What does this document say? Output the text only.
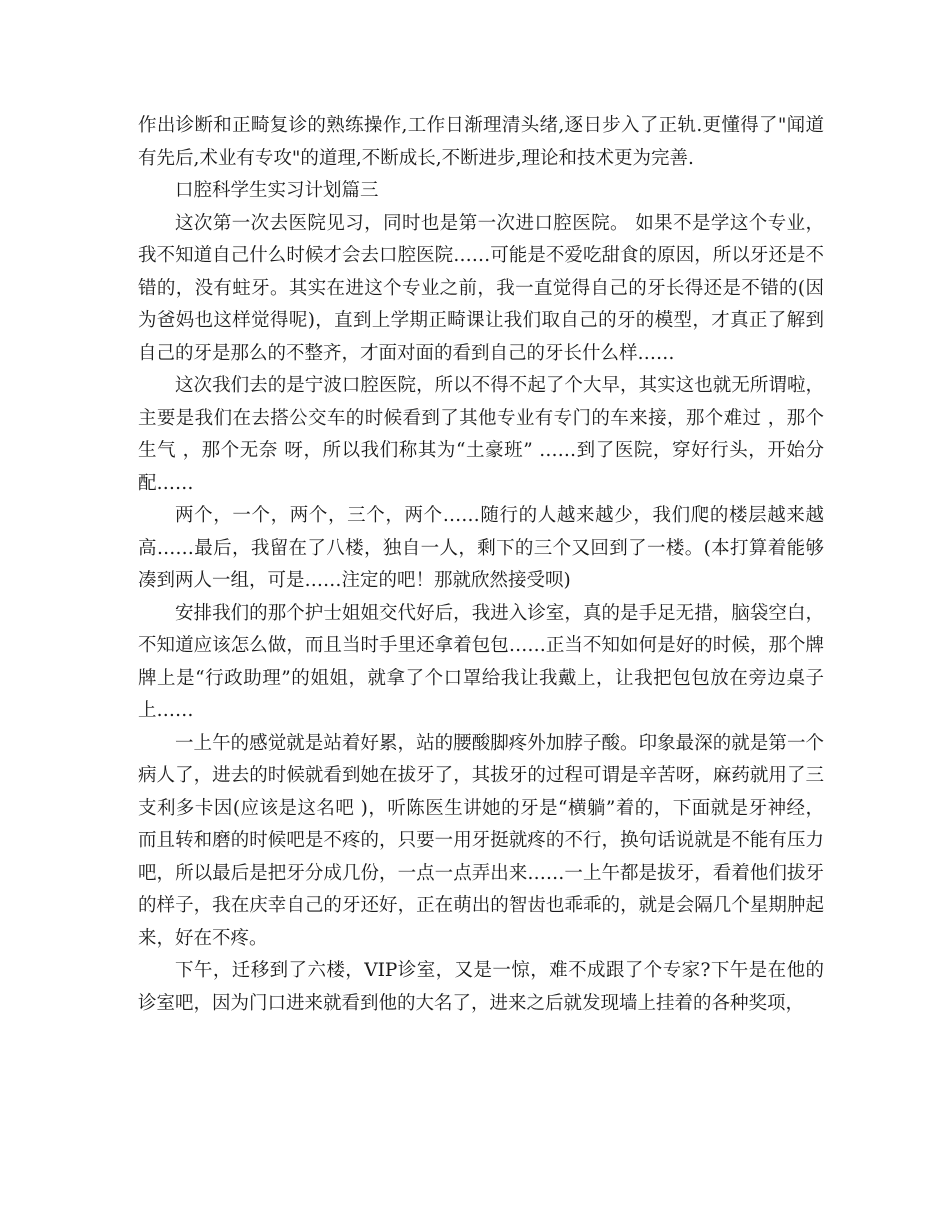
作出诊断和正畸复诊的熟练操作,工作日渐理清头绪,逐日步入了正轨.更懂得了"闻道有先后,术业有专攻"的道理,不断成长,不断进步,理论和技术更为完善.

口腔科学生实习计划篇三

这次第一次去医院见习，同时也是第一次进口腔医院。 如果不是学这个专业，我不知道自己什么时候才会去口腔医院……可能是不爱吃甜食的原因，所以牙还是不错的，没有蛀牙。其实在进这个专业之前，我一直觉得自己的牙长得还是不错的(因为爸妈也这样觉得呢)，直到上学期正畸课让我们取自己的牙的模型，才真正了解到自己的牙是那么的不整齐，才面对面的看到自己的牙长什么样……

这次我们去的是宁波口腔医院，所以不得不起了个大早，其实这也就无所谓啦，主要是我们在去搭公交车的时候看到了其他专业有专门的车来接，那个难过 ，那个生气 ，那个无奈 呀，所以我们称其为“土豪班” ……到了医院，穿好行头，开始分配……

两个，一个，两个，三个，两个……随行的人越来越少，我们爬的楼层越来越高……最后，我留在了八楼，独自一人，剩下的三个又回到了一楼。(本打算着能够凑到两人一组，可是……注定的吧！那就欣然接受呗)

安排我们的那个护士姐姐交代好后，我进入诊室，真的是手足无措，脑袋空白，不知道应该怎么做，而且当时手里还拿着包包……正当不知如何是好的时候，那个牌牌上是“行政助理”的姐姐，就拿了个口罩给我让我戴上，让我把包包放在旁边桌子上……

一上午的感觉就是站着好累，站的腰酸脚疼外加脖子酸。印象最深的就是第一个病人了，进去的时候就看到她在拔牙了，其拔牙的过程可谓是辛苦呀，麻药就用了三支利多卡因(应该是这名吧 )，听陈医生讲她的牙是“横躺”着的，下面就是牙神经，而且转和磨的时候吧是不疼的，只要一用牙挺就疼的不行，换句话说就是不能有压力吧，所以最后是把牙分成几份，一点一点弄出来……一上午都是拔牙，看着他们拔牙的样子，我在庆幸自己的牙还好，正在萌出的智齿也乖乖的，就是会隔几个星期肿起来，好在不疼。

下午，迁移到了六楼，VIP诊室，又是一惊，难不成跟了个专家?下午是在他的诊室吧，因为门口进来就看到他的大名了，进来之后就发现墙上挂着的各种奖项，
